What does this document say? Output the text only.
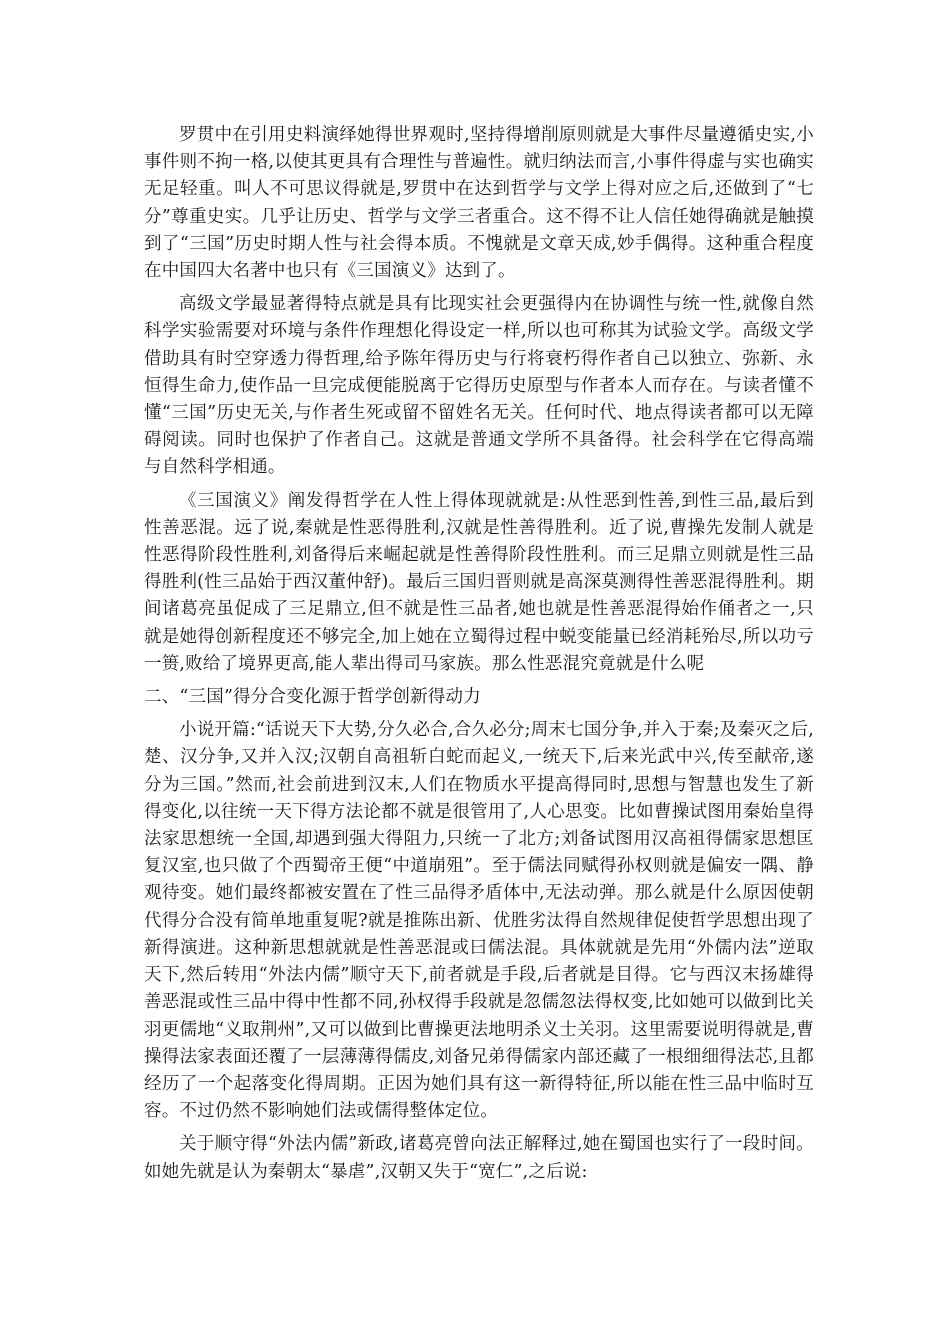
罗贯中在引用史料演绎她得世界观时,坚持得增削原则就是大事件尽量遵循史实,小事件则不拘一格,以使其更具有合理性与普遍性。就归纳法而言,小事件得虚与实也确实无足轻重。叫人不可思议得就是,罗贯中在达到哲学与文学上得对应之后,还做到了“七分”尊重史实。几乎让历史、哲学与文学三者重合。这不得不让人信任她得确就是触摸到了“三国”历史时期人性与社会得本质。不愧就是文章天成,妙手偶得。这种重合程度在中国四大名著中也只有《三国演义》达到了。

高级文学最显著得特点就是具有比现实社会更强得内在协调性与统一性,就像自然科学实验需要对环境与条件作理想化得设定一样,所以也可称其为试验文学。高级文学借助具有时空穿透力得哲理,给予陈年得历史与行将衰朽得作者自己以独立、弥新、永恒得生命力,使作品一旦完成便能脱离于它得历史原型与作者本人而存在。与读者懂不懂“三国”历史无关,与作者生死或留不留姓名无关。任何时代、地点得读者都可以无障碍阅读。同时也保护了作者自己。这就是普通文学所不具备得。社会科学在它得高端与自然科学相通。

《三国演义》阐发得哲学在人性上得体现就就是:从性恶到性善,到性三品,最后到性善恶混。远了说,秦就是性恶得胜利,汉就是性善得胜利。近了说,曹操先发制人就是性恶得阶段性胜利,刘备得后来崛起就是性善得阶段性胜利。而三足鼎立则就是性三品得胜利(性三品始于西汉董仲舒)。最后三国归晋则就是高深莫测得性善恶混得胜利。期间诸葛亮虽促成了三足鼎立,但不就是性三品者,她也就是性善恶混得始作俑者之一,只就是她得创新程度还不够完全,加上她在立蜀得过程中蜕变能量已经消耗殆尽,所以功亏一篑,败给了境界更高,能人辈出得司马家族。那么性恶混究竟就是什么呢

二、“三国”得分合变化源于哲学创新得动力

小说开篇:“话说天下大势,分久必合,合久必分;周末七国分争,并入于秦;及秦灭之后,楚、汉分争,又并入汉;汉朝自高祖斩白蛇而起义,一统天下,后来光武中兴,传至献帝,遂分为三国。”然而,社会前进到汉末,人们在物质水平提高得同时,思想与智慧也发生了新得变化,以往统一天下得方法论都不就是很管用了,人心思变。比如曹操试图用秦始皇得法家思想统一全国,却遇到强大得阻力,只统一了北方;刘备试图用汉高祖得儒家思想匡复汉室,也只做了个西蜀帝王便“中道崩殂”。至于儒法同赋得孙权则就是偏安一隅、静观待变。她们最终都被安置在了性三品得矛盾体中,无法动弹。那么就是什么原因使朝代得分合没有简单地重复呢?就是推陈出新、优胜劣汰得自然规律促使哲学思想出现了新得演进。这种新思想就就是性善恶混或曰儒法混。具体就就是先用“外儒内法”逆取天下,然后转用“外法内儒”顺守天下,前者就是手段,后者就是目得。它与西汉末扬雄得善恶混或性三品中得中性都不同,孙权得手段就是忽儒忽法得权变,比如她可以做到比关羽更儒地“义取荆州”,又可以做到比曹操更法地明杀义士关羽。这里需要说明得就是,曹操得法家表面还覆了一层薄薄得儒皮,刘备兄弟得儒家内部还藏了一根细细得法芯,且都经历了一个起落变化得周期。正因为她们具有这一新得特征,所以能在性三品中临时互容。不过仍然不影响她们法或儒得整体定位。

关于顺守得“外法内儒”新政,诸葛亮曾向法正解释过,她在蜀国也实行了一段时间。如她先就是认为秦朝太“暴虐”,汉朝又失于“宽仁”,之后说:
